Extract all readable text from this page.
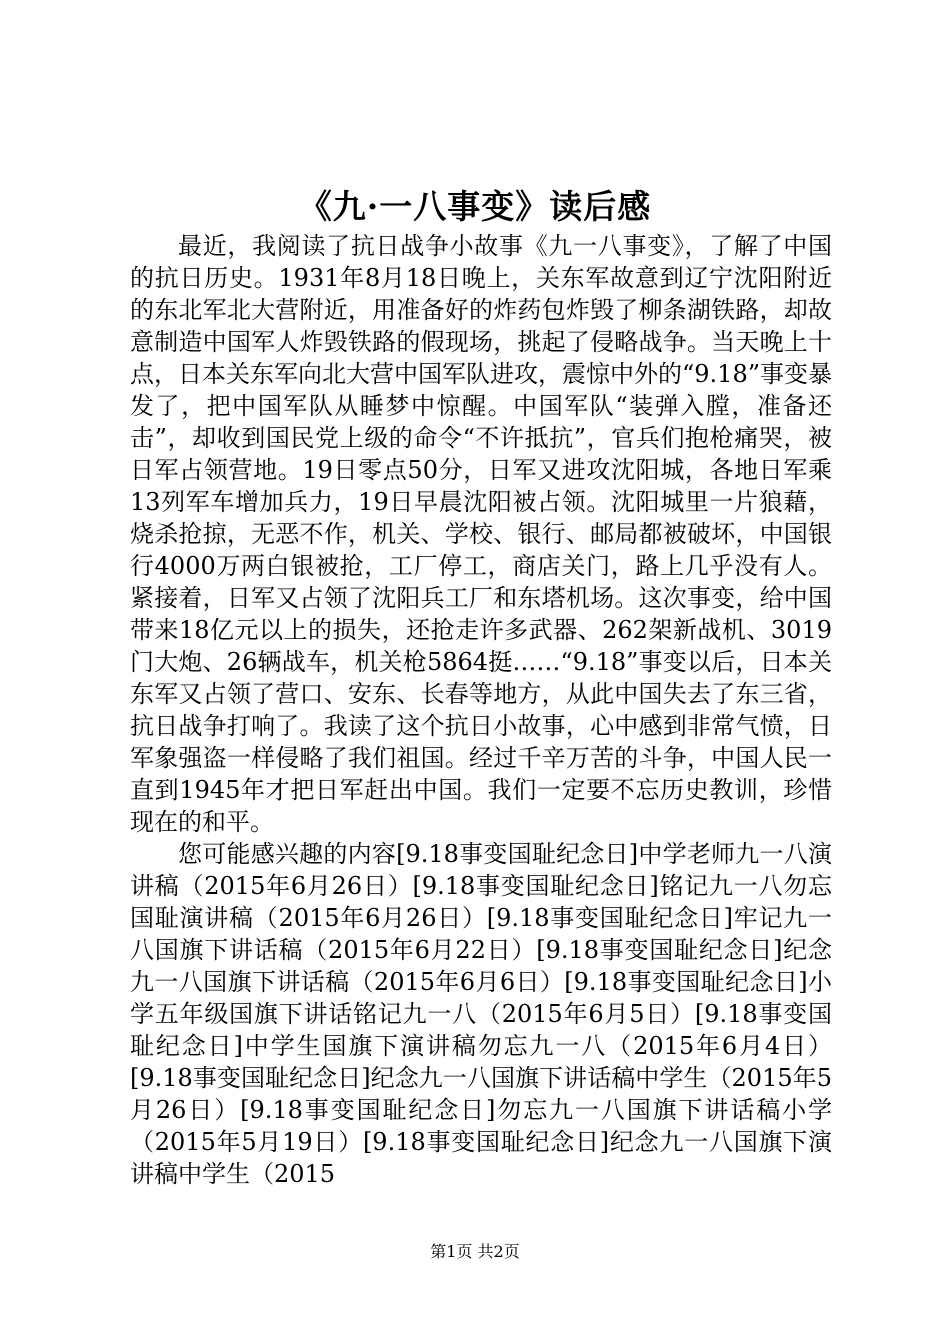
《九·一八事变》读后感

最近，我阅读了抗日战争小故事《九一八事变》，了解了中国的抗日历史。1931年8月18日晚上，关东军故意到辽宁沈阳附近的东北军北大营附近，用准备好的炸药包炸毁了柳条湖铁路，却故意制造中国军人炸毁铁路的假现场，挑起了侵略战争。当天晚上十点，日本关东军向北大营中国军队进攻，震惊中外的“9.18”事变暴发了，把中国军队从睡梦中惊醒。中国军队“装弹入膛，准备还击”，却收到国民党上级的命令“不许抵抗”，官兵们抱枪痛哭，被日军占领营地。19日零点50分，日军又进攻沈阳城，各地日军乘13列军车增加兵力，19日早晨沈阳被占领。沈阳城里一片狼藉，烧杀抢掠，无恶不作，机关、学校、银行、邮局都被破坏，中国银行4000万两白银被抢，工厂停工，商店关门，路上几乎没有人。紧接着，日军又占领了沈阳兵工厂和东塔机场。这次事变，给中国带来18亿元以上的损失，还抢走许多武器、262架新战机、3019门大炮、26辆战车，机关枪5864挺……“9.18”事变以后，日本关东军又占领了营口、安东、长春等地方，从此中国失去了东三省，抗日战争打响了。我读了这个抗日小故事，心中感到非常气愤，日军象强盗一样侵略了我们祖国。经过千辛万苦的斗争，中国人民一直到1945年才把日军赶出中国。我们一定要不忘历史教训，珍惜现在的和平。

您可能感兴趣的内容[9.18事变国耻纪念日]中学老师九一八演讲稿（2015年6月26日）[9.18事变国耻纪念日]铭记九一八勿忘国耻演讲稿（2015年6月26日）[9.18事变国耻纪念日]牢记九一八国旗下讲话稿（2015年6月22日）[9.18事变国耻纪念日]纪念九一八国旗下讲话稿（2015年6月6日）[9.18事变国耻纪念日]小学五年级国旗下讲话铭记九一八（2015年6月5日）[9.18事变国耻纪念日]中学生国旗下演讲稿勿忘九一八（2015年6月4日）[9.18事变国耻纪念日]纪念九一八国旗下讲话稿中学生（2015年5月26日）[9.18事变国耻纪念日]勿忘九一八国旗下讲话稿小学（2015年5月19日）[9.18事变国耻纪念日]纪念九一八国旗下演讲稿中学生（2015

第1页 共2页
